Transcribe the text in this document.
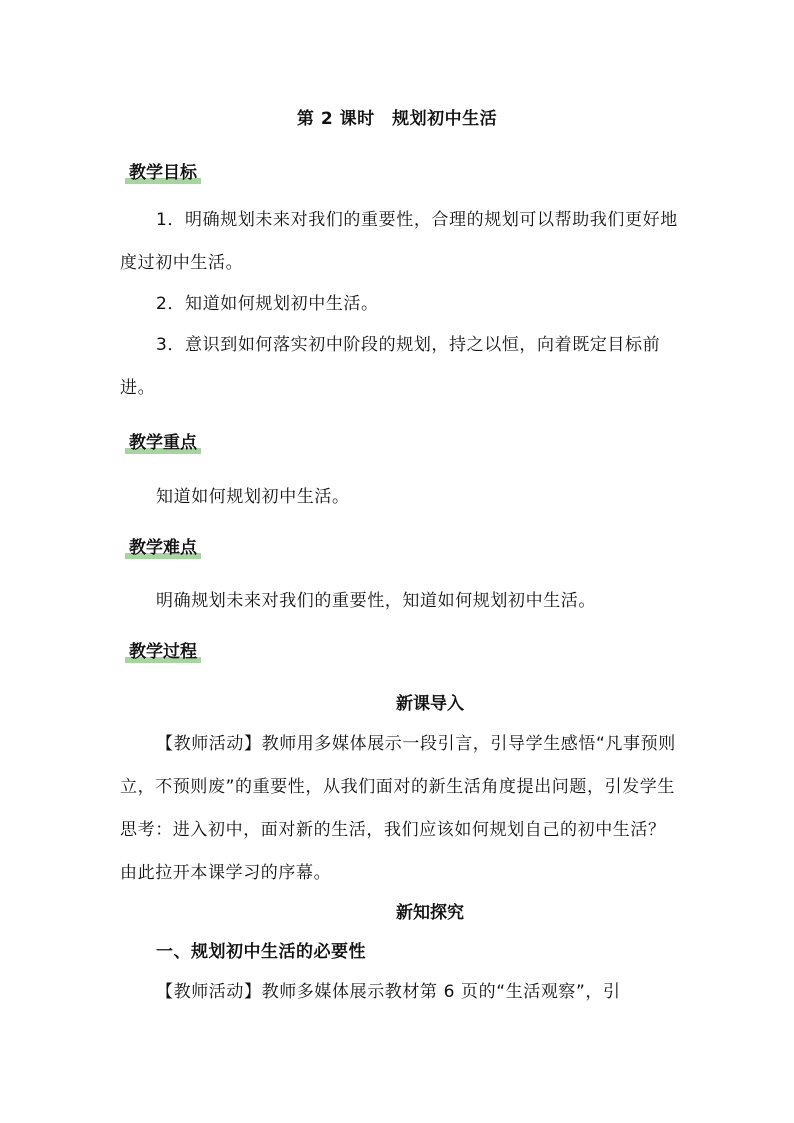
第 2 课时　规划初中生活
教学目标

1．明确规划未来对我们的重要性，合理的规划可以帮助我们更好地度过初中生活。

2．知道如何规划初中生活。

3．意识到如何落实初中阶段的规划，持之以恒，向着既定目标前进。

教学重点
知道如何规划初中生活。
教学难点
明确规划未来对我们的重要性，知道如何规划初中生活。
教学过程
新课导入

【教师活动】教师用多媒体展示一段引言，引导学生感悟“凡事预则立，不预则废”的重要性，从我们面对的新生活角度提出问题，引发学生思考：进入初中，面对新的生活，我们应该如何规划自己的初中生活？由此拉开本课学习的序幕。

新知探究
一、规划初中生活的必要性

【教师活动】教师多媒体展示教材第 6 页的“生活观察”，引
